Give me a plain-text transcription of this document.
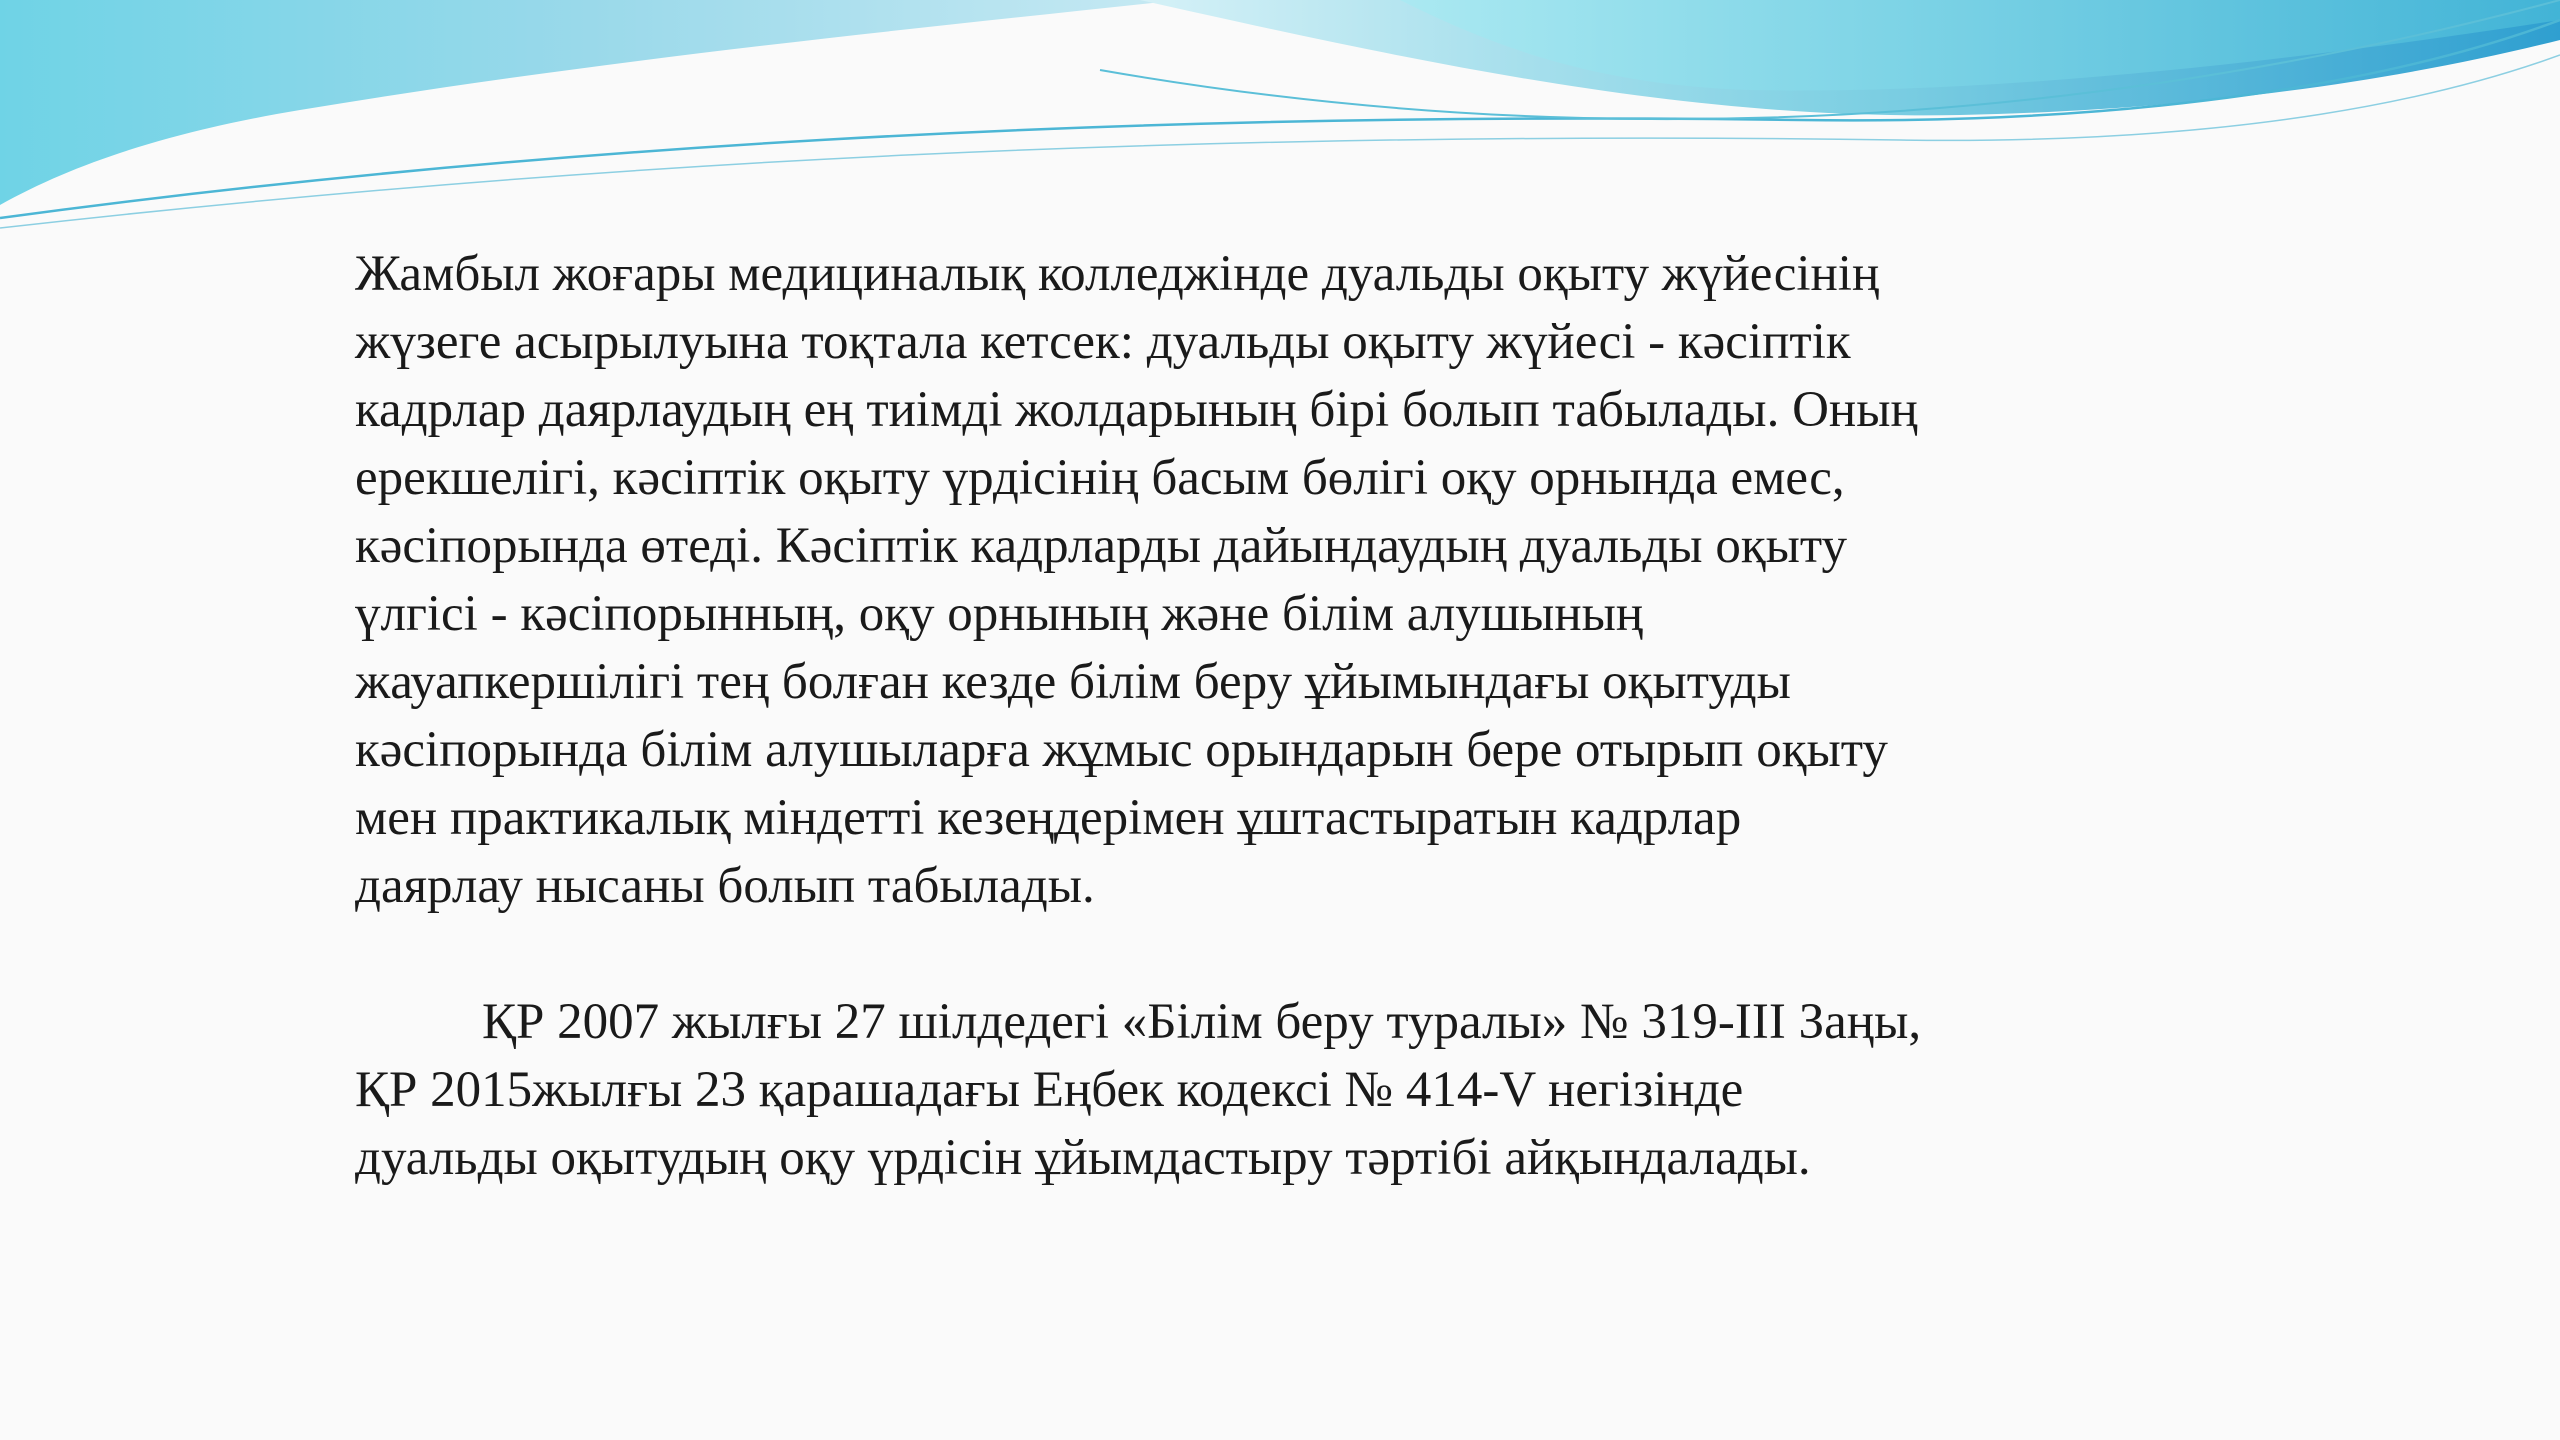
Жамбыл жоғары медициналық колледжінде дуальды оқыту жүйесінің
жүзеге асырылуына тоқтала кетсек: дуальды оқыту жүйесі - кәсіптік
кадрлар даярлаудың ең тиімді жолдарының бірі болып табылады. Оның
ерекшелігі, кәсіптік оқыту үрдісінің басым бөлігі оқу орнында емес,
кәсіпорында өтеді. Кәсіптік кадрларды дайындаудың дуальды оқыту
үлгісі - кәсіпорынның, оқу орнының және білім алушының
жауапкершілігі тең болған кезде білім беру ұйымындағы оқытуды
кәсіпорында білім алушыларға жұмыс орындарын бере отырып оқыту
мен практикалық міндетті кезеңдерімен ұштастыратын кадрлар
даярлау нысаны болып табылады.
ҚР 2007 жылғы 27 шілдедегі «Білім беру туралы» № 319-ІІІ Заңы,
ҚР 2015жылғы 23 қарашадағы Еңбек кодексі № 414-V негізінде
дуальды оқытудың оқу үрдісін ұйымдастыру тәртібі айқындалады.
